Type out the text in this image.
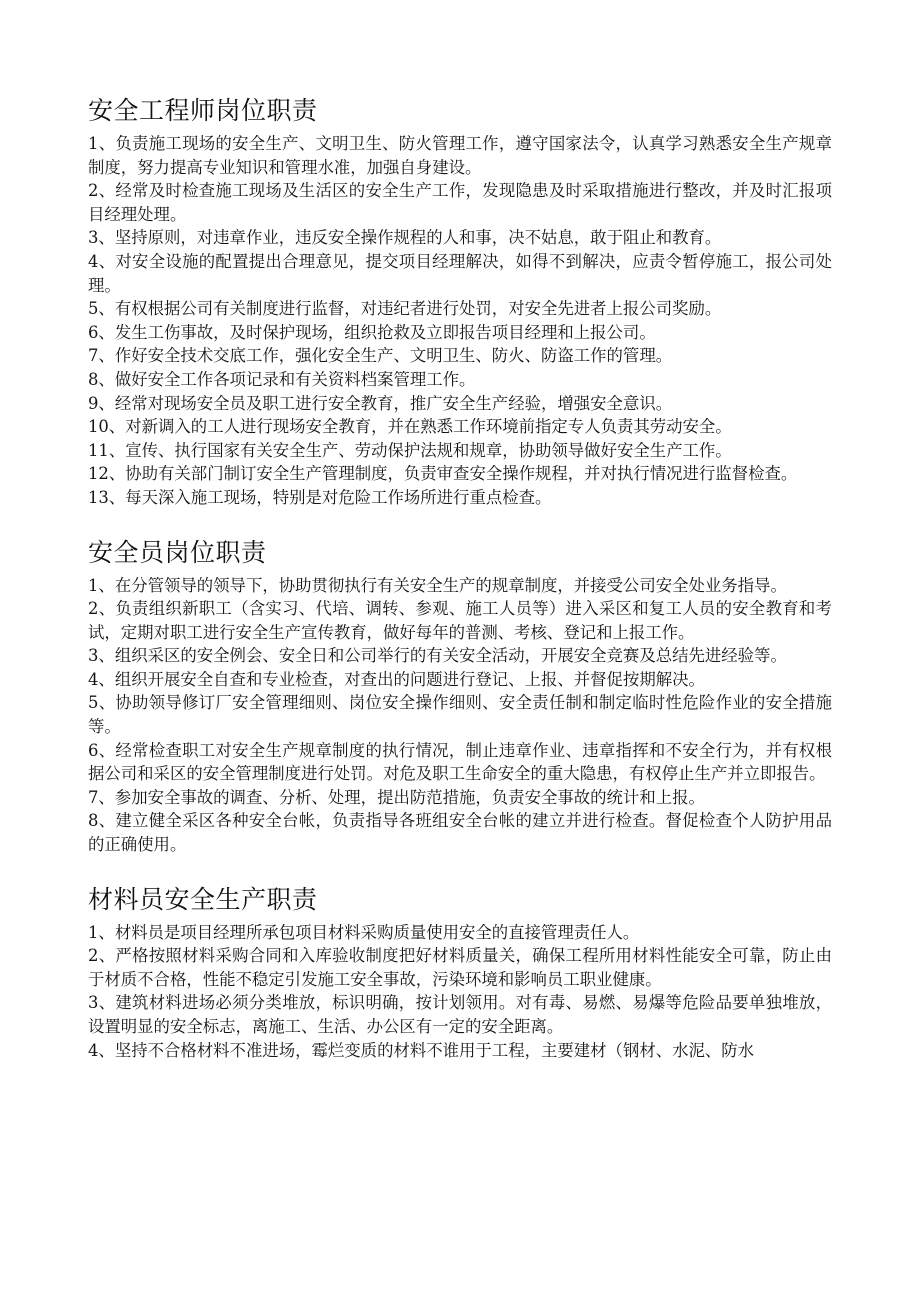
安全工程师岗位职责

1、负责施工现场的安全生产、文明卫生、防火管理工作，遵守国家法令，认真学习熟悉安全生产规章制度，努力提高专业知识和管理水准，加强自身建设。

2、经常及时检查施工现场及生活区的安全生产工作，发现隐患及时采取措施进行整改，并及时汇报项目经理处理。

3、坚持原则，对违章作业，违反安全操作规程的人和事，决不姑息，敢于阻止和教育。

4、对安全设施的配置提出合理意见，提交项目经理解决，如得不到解决，应责令暂停施工，报公司处理。

5、有权根据公司有关制度进行监督，对违纪者进行处罚，对安全先进者上报公司奖励。

6、发生工伤事故，及时保护现场，组织抢救及立即报告项目经理和上报公司。

7、作好安全技术交底工作，强化安全生产、文明卫生、防火、防盗工作的管理。

8、做好安全工作各项记录和有关资料档案管理工作。

9、经常对现场安全员及职工进行安全教育，推广安全生产经验，增强安全意识。

10、对新调入的工人进行现场安全教育，并在熟悉工作环境前指定专人负责其劳动安全。

11、宣传、执行国家有关安全生产、劳动保护法规和规章，协助领导做好安全生产工作。

12、协助有关部门制订安全生产管理制度，负责审查安全操作规程，并对执行情况进行监督检查。

13、每天深入施工现场，特别是对危险工作场所进行重点检查。

安全员岗位职责

1、在分管领导的领导下，协助贯彻执行有关安全生产的规章制度，并接受公司安全处业务指导。

2、负责组织新职工（含实习、代培、调转、参观、施工人员等）进入采区和复工人员的安全教育和考试，定期对职工进行安全生产宣传教育，做好每年的普测、考核、登记和上报工作。

3、组织采区的安全例会、安全日和公司举行的有关安全活动，开展安全竞赛及总结先进经验等。

4、组织开展安全自查和专业检查，对查出的问题进行登记、上报、并督促按期解决。

5、协助领导修订厂安全管理细则、岗位安全操作细则、安全责任制和制定临时性危险作业的安全措施等。

6、经常检查职工对安全生产规章制度的执行情况，制止违章作业、违章指挥和不安全行为，并有权根据公司和采区的安全管理制度进行处罚。对危及职工生命安全的重大隐患，有权停止生产并立即报告。

7、参加安全事故的调查、分析、处理，提出防范措施，负责安全事故的统计和上报。

8、建立健全采区各种安全台帐，负责指导各班组安全台帐的建立并进行检查。督促检查个人防护用品的正确使用。

材料员安全生产职责

1、材料员是项目经理所承包项目材料采购质量使用安全的直接管理责任人。

2、严格按照材料采购合同和入库验收制度把好材料质量关，确保工程所用材料性能安全可靠，防止由于材质不合格，性能不稳定引发施工安全事故，污染环境和影响员工职业健康。

3、建筑材料进场必须分类堆放，标识明确，按计划领用。对有毒、易燃、易爆等危险品要单独堆放，设置明显的安全标志，离施工、生活、办公区有一定的安全距离。

4、坚持不合格材料不准进场，霉烂变质的材料不谁用于工程，主要建材（钢材、水泥、防水
